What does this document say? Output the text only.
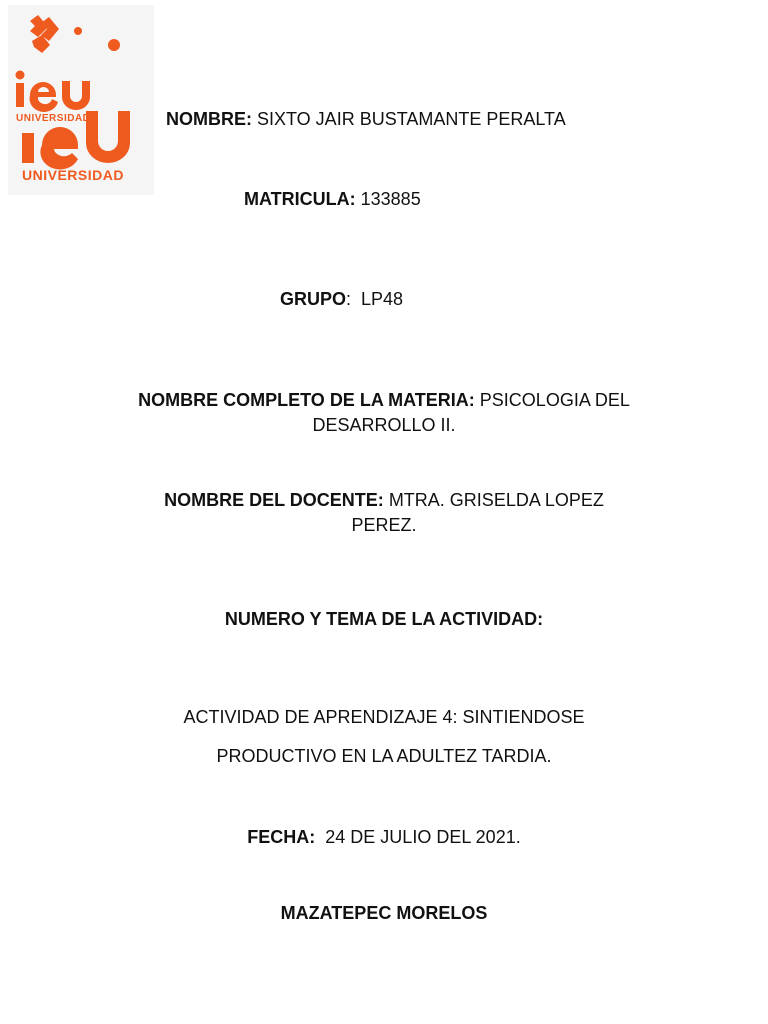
UNIVERSIDAD
UNIVERSIDAD
NOMBRE: SIXTO JAIR BUSTAMANTE PERALTA
MATRICULA: 133885
GRUPO:  LP48
NOMBRE COMPLETO DE LA MATERIA: PSICOLOGIA DEL
DESARROLLO II.
NOMBRE DEL DOCENTE: MTRA. GRISELDA LOPEZ
PEREZ.
NUMERO Y TEMA DE LA ACTIVIDAD:
ACTIVIDAD DE APRENDIZAJE 4: SINTIENDOSE
PRODUCTIVO EN LA ADULTEZ TARDIA.
FECHA:  24 DE JULIO DEL 2021.
MAZATEPEC MORELOS
